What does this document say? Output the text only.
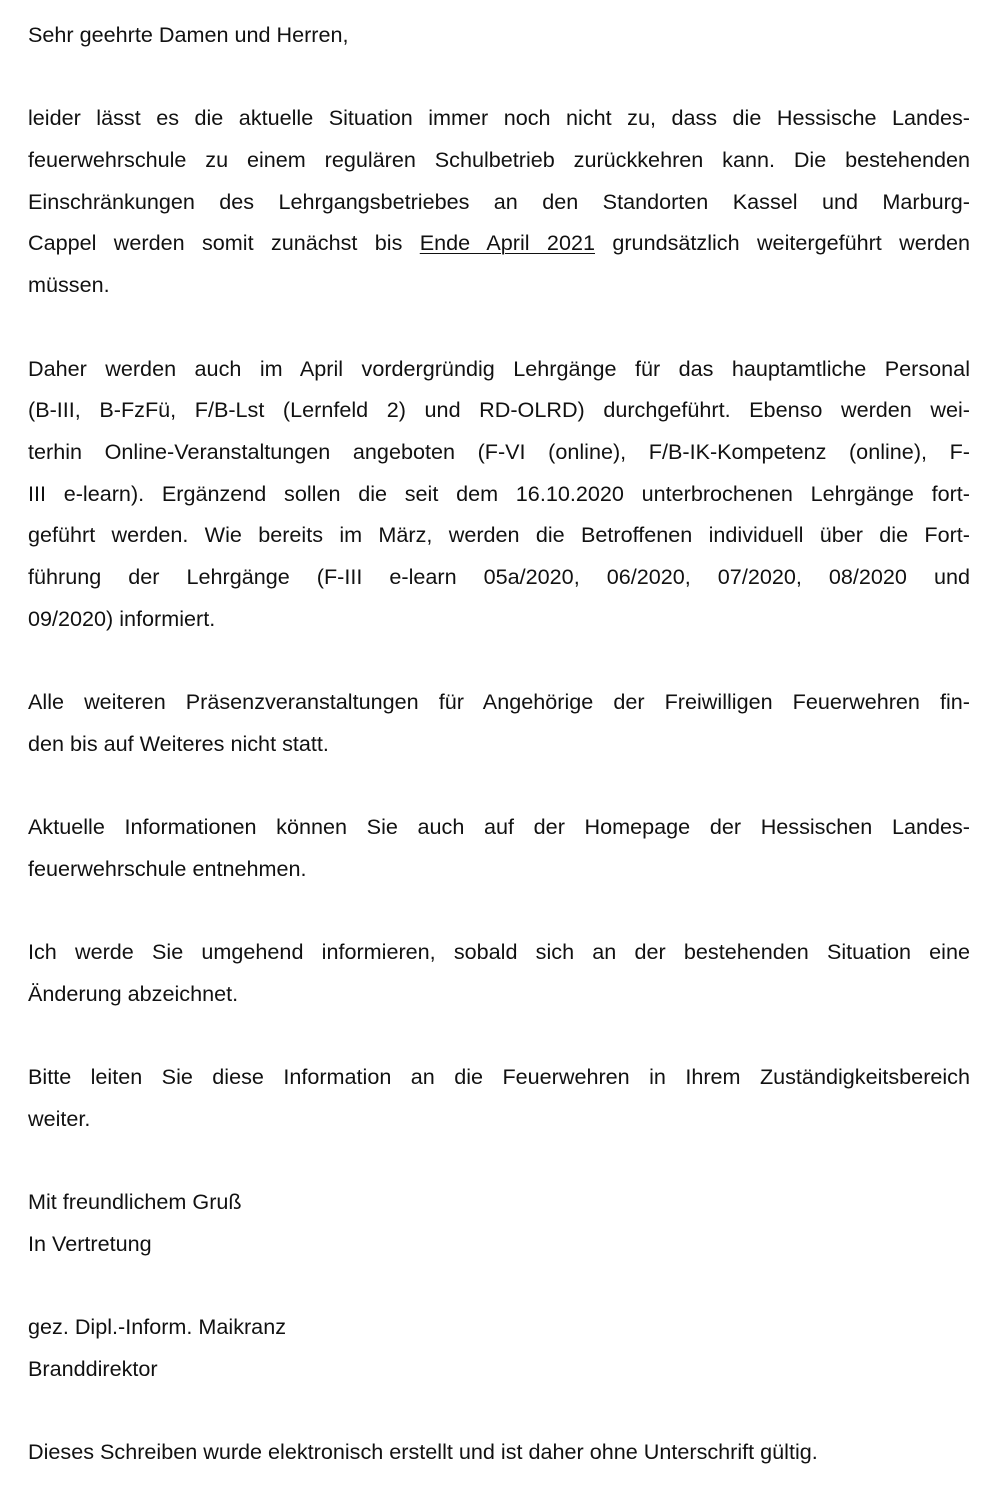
Sehr geehrte Damen und Herren,
leider lässt es die aktuelle Situation immer noch nicht zu, dass die Hessische Landes-
feuerwehrschule zu einem regulären Schulbetrieb zurückkehren kann. Die bestehenden
Einschränkungen des Lehrgangsbetriebes an den Standorten Kassel und Marburg-
Cappel werden somit zunächst bis Ende April 2021 grundsätzlich weitergeführt werden
müssen.
Daher werden auch im April vordergründig Lehrgänge für das hauptamtliche Personal
(B-III, B-FzFü, F/B-Lst (Lernfeld 2) und RD-OLRD) durchgeführt. Ebenso werden wei-
terhin Online-Veranstaltungen angeboten (F-VI (online), F/B-IK-Kompetenz (online), F-
III e-learn). Ergänzend sollen die seit dem 16.10.2020 unterbrochenen Lehrgänge fort-
geführt werden. Wie bereits im März, werden die Betroffenen individuell über die Fort-
führung der Lehrgänge (F-III e-learn 05a/2020, 06/2020, 07/2020, 08/2020 und
09/2020) informiert.
Alle weiteren Präsenzveranstaltungen für Angehörige der Freiwilligen Feuerwehren fin-
den bis auf Weiteres nicht statt.
Aktuelle Informationen können Sie auch auf der Homepage der Hessischen Landes-
feuerwehrschule entnehmen.
Ich werde Sie umgehend informieren, sobald sich an der bestehenden Situation eine
Änderung abzeichnet.
Bitte leiten Sie diese Information an die Feuerwehren in Ihrem Zuständigkeitsbereich
weiter.
Mit freundlichem Gruß
In Vertretung
gez. Dipl.-Inform. Maikranz
Branddirektor
Dieses Schreiben wurde elektronisch erstellt und ist daher ohne Unterschrift gültig.
